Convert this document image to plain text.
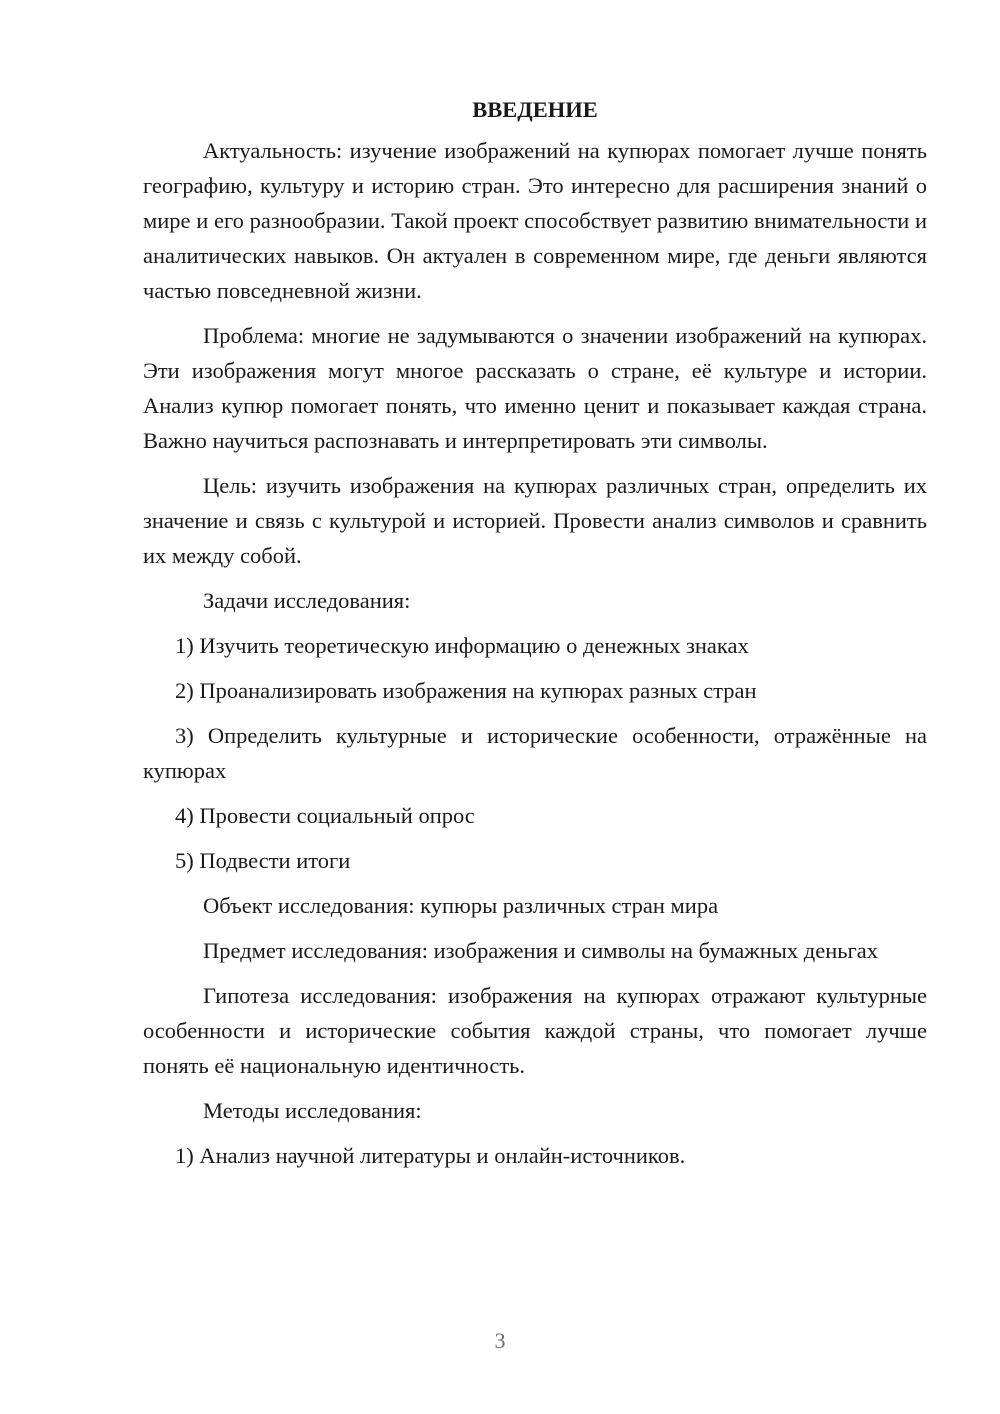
ВВЕДЕНИЕ

Актуальность: изучение изображений на купюрах помогает лучше понять географию, культуру и историю стран. Это интересно для расширения знаний о мире и его разнообразии. Такой проект способствует развитию внимательности и аналитических навыков. Он актуален в современном мире, где деньги являются частью повседневной жизни.

Проблема: многие не задумываются о значении изображений на купюрах. Эти изображения могут многое рассказать о стране, её культуре и истории. Анализ купюр помогает понять, что именно ценит и показывает каждая страна. Важно научиться распознавать и интерпретировать эти символы.

Цель: изучить изображения на купюрах различных стран, определить их значение и связь с культурой и историей. Провести анализ символов и сравнить их между собой.

Задачи исследования:

1) Изучить теоретическую информацию о денежных знаках

2) Проанализировать изображения на купюрах разных стран

3) Определить культурные и исторические особенности, отражённые на купюрах

4) Провести социальный опрос

5) Подвести итоги

Объект исследования: купюры различных стран мира

Предмет исследования: изображения и символы на бумажных деньгах

Гипотеза исследования: изображения на купюрах отражают культурные особенности и исторические события каждой страны, что помогает лучше понять её национальную идентичность.

Методы исследования:

1) Анализ научной литературы и онлайн-источников.

3
